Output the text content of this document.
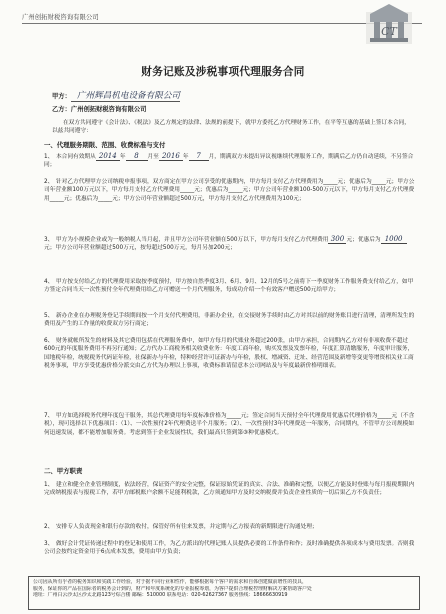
广州创拓财税咨询有限公司
CT
财务记账及涉税事项代理服务合同
甲方： 广州辉昌机电设备有限公司
乙方：广州创拓财税咨询有限公司
在双方共同遵守《会计法》、《税法》及乙方规定的法律、法规的前提下，就甲方委托乙方代理财务工作，在平等互惠的基础上签订本合同，以兹共同遵守：
一、代理服务期限、范围、收费标准与支付
1、 本合同有效期从 2014 年 8 月至 2016 年 7 月，期满双方未提出异议视继续代理服务工作，期满后乙方仍自动延续，不另签合同；
2、 针对乙方代理甲方公司纳税申报事项，双方商定在甲方公司享受的优惠期内，甲方每月支付乙方代理费用为_____元；优惠后为_____元；甲方公司年营业额100万元以下，甲方每月支付乙方代理费用_____元；优惠后为_____元；甲方公司年营业额100-500万元以下，甲方每月支付乙方代理费用_____元；优惠后为_____元；甲方公司年营业额超过500万元，甲方每月支付乙方代理费用为100元；
3、 甲方为小规模企业或为一般纳税人当月起，并且甲方公司年营业额在500万以下，甲方每月支付乙方代理费用 300 元；优惠后为 1000元；甲方公司年营业额超过500万元，按每超过500万元，每月另加200元；
4、 甲方按支付给乙方的代理费用采取按季度预付，甲方按自然季度3月、6月、9月、12月的5号之前将下一季度财务工作服务费支付给乙方，如甲方签定合同当天一次性预付全年代理费用给乙方可赠送一个月代理服务，每成功介绍一个有效客户赠送500元给甲方；
5、 新办企业在办理税务登记手续期间按一个月支付代理费用，非新办企业，在交接财务手续时由乙方对其以前的财务账目进行清理，清理所发生的费用及产生的工作量的收费双方另行商定；
6、 财务就帐所发生的材料及其它费用包括在代理服务费中，如甲方每月的代账业务超过200张，由甲方承担，合同期内乙方对有非项收费不超过600元的年度服务费用不再另行通知；乙方代办工商税务相关收费业务：年度工商年检，购买发票及发票年检，年度汇算清缴服务，年度审计服务，国地税年检，统税税务代码证年检，社保新办与年检，特种经营许可证新办与年检，股权、增减资、迁址、经营范围及新增等变更等增资相关业工商税务事项，甲方享受优惠价格分派交由乙方代为办理以上事项，收费标准请留意本公司网站及与年度最新价格明细表。
7、 甲方如选择税务代理年度包干服务，其总代理费用每年度标准价格为_____元；签定合同当天预付全年代理费用优惠后代理价格为_____元（不含税），现可选择以下优惠项目：（1）、一次性预付2年代理费送半个月服务；（2）、一次性预付3年代理费送一年服务，合同期内，不管甲方公司规模如何迅速发展，都不能增加服务费。考虑到签于企业发展性状，我们最高只签到第③种优惠模式。
二、甲方职责
1、 建立和健全企业管理制度，依法经营，保证资产的安全完整，保证原始凭证的真实、合法、准确和完整，以便乙方能及时登账与每月报税期限内完成纳税报表与报税工作，若甲方邮税账户余额不足能利税款，乙方须通知甲方及时交纳税费并负责企业性质的一切后果乙方不负责任；
2、 安排专人负责现金和银行存款的收付，保管好所有往来发票，并定期与乙方报表的新期限进行沟通处理；
3、 做好会计凭证传递过程中的登记和使用工作，为乙方派出的代理记账人员提供必要的工作条件和作；及时准确提供各项成本与费用发票。否则我公司会按约定资金用于6点成本发票，费用由甲方负责；
公司因从所有乎者的税务知识和实践工作经验，对于据不同行业和性作，能够根据每个客户的需求和自体创建做前增性的技具，
服务，保证你的产品在国际者的税务会计到的，财产和年度系统化的专业报税筹划，为客户提供合理税控理财解决方案帮助客户处
地址：广州白云沙太区沙太北路123号综合楼 邮编：510000 联系电话：020-62627367 服务热线：18666630919
